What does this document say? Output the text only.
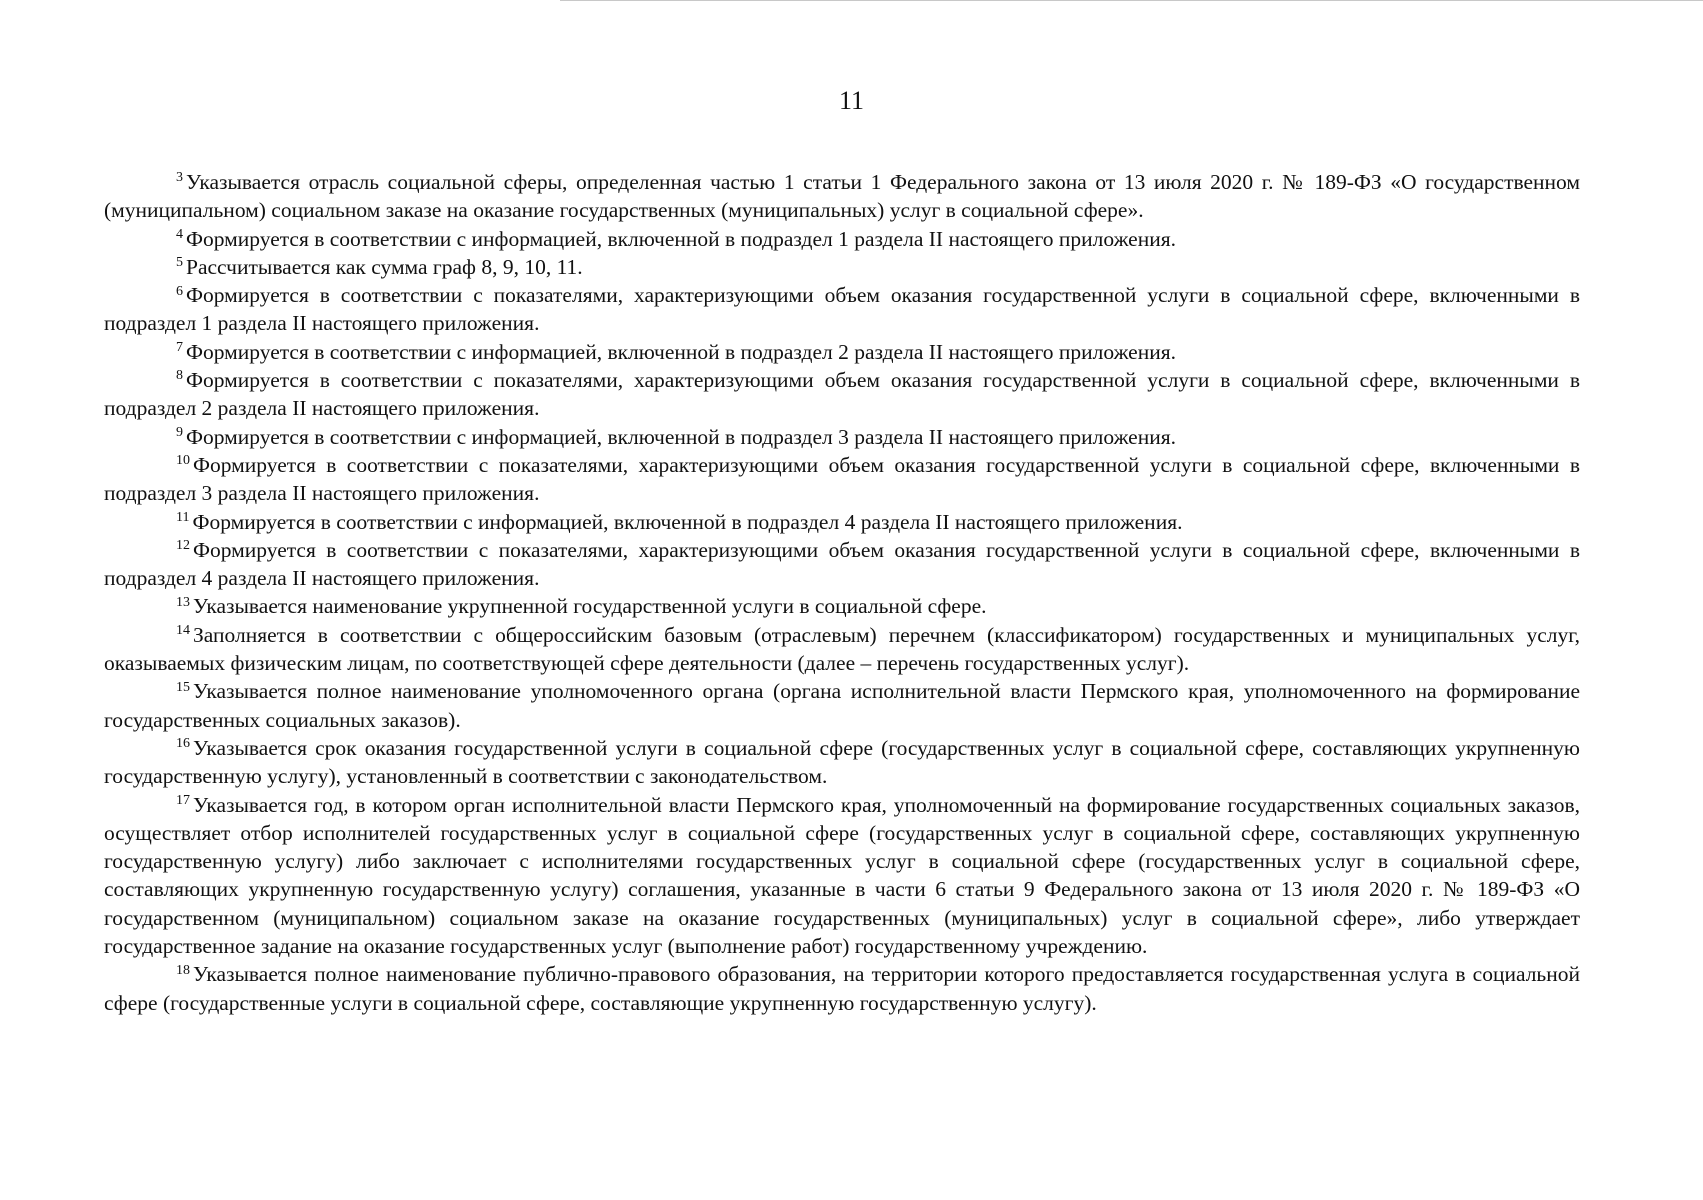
11
$^3$ Указывается отрасль социальной сферы, определенная частью 1 статьи 1 Федерального закона от 13 июля 2020 г. № 189-ФЗ «О государственном (муниципальном) социальном заказе на оказание государственных (муниципальных) услуг в социальной сфере».
$^4$ Формируется в соответствии с информацией, включенной в подраздел 1 раздела II настоящего приложения.
$^5$ Рассчитывается как сумма граф 8, 9, 10, 11.
$^6$ Формируется в соответствии с показателями, характеризующими объем оказания государственной услуги в социальной сфере, включенными в подраздел 1 раздела II настоящего приложения.
$^7$ Формируется в соответствии с информацией, включенной в подраздел 2 раздела II настоящего приложения.
$^8$ Формируется в соответствии с показателями, характеризующими объем оказания государственной услуги в социальной сфере, включенными в подраздел 2 раздела II настоящего приложения.
$^9$ Формируется в соответствии с информацией, включенной в подраздел 3 раздела II настоящего приложения.
$^{10}$ Формируется в соответствии с показателями, характеризующими объем оказания государственной услуги в социальной сфере, включенными в подраздел 3 раздела II настоящего приложения.
$^{11}$ Формируется в соответствии с информацией, включенной в подраздел 4 раздела II настоящего приложения.
$^{12}$ Формируется в соответствии с показателями, характеризующими объем оказания государственной услуги в социальной сфере, включенными в подраздел 4 раздела II настоящего приложения.
$^{13}$ Указывается наименование укрупненной государственной услуги в социальной сфере.
$^{14}$ Заполняется в соответствии с общероссийским базовым (отраслевым) перечнем (классификатором) государственных и муниципальных услуг, оказываемых физическим лицам, по соответствующей сфере деятельности (далее – перечень государственных услуг).
$^{15}$ Указывается полное наименование уполномоченного органа (органа исполнительной власти Пермского края, уполномоченного на формирование государственных социальных заказов).
$^{16}$ Указывается срок оказания государственной услуги в социальной сфере (государственных услуг в социальной сфере, составляющих укрупненную государственную услугу), установленный в соответствии с законодательством.
$^{17}$ Указывается год, в котором орган исполнительной власти Пермского края, уполномоченный на формирование государственных социальных заказов, осуществляет отбор исполнителей государственных услуг в социальной сфере (государственных услуг в социальной сфере, составляющих укрупненную государственную услугу) либо заключает с исполнителями государственных услуг в социальной сфере (государственных услуг в социальной сфере, составляющих укрупненную государственную услугу) соглашения, указанные в части 6 статьи 9 Федерального закона от 13 июля 2020 г. № 189-ФЗ «О государственном (муниципальном) социальном заказе на оказание государственных (муниципальных) услуг в социальной сфере», либо утверждает государственное задание на оказание государственных услуг (выполнение работ) государственному учреждению.
$^{18}$ Указывается полное наименование публично-правового образования, на территории которого предоставляется государственная услуга в социальной сфере (государственные услуги в социальной сфере, составляющие укрупненную государственную услугу).
